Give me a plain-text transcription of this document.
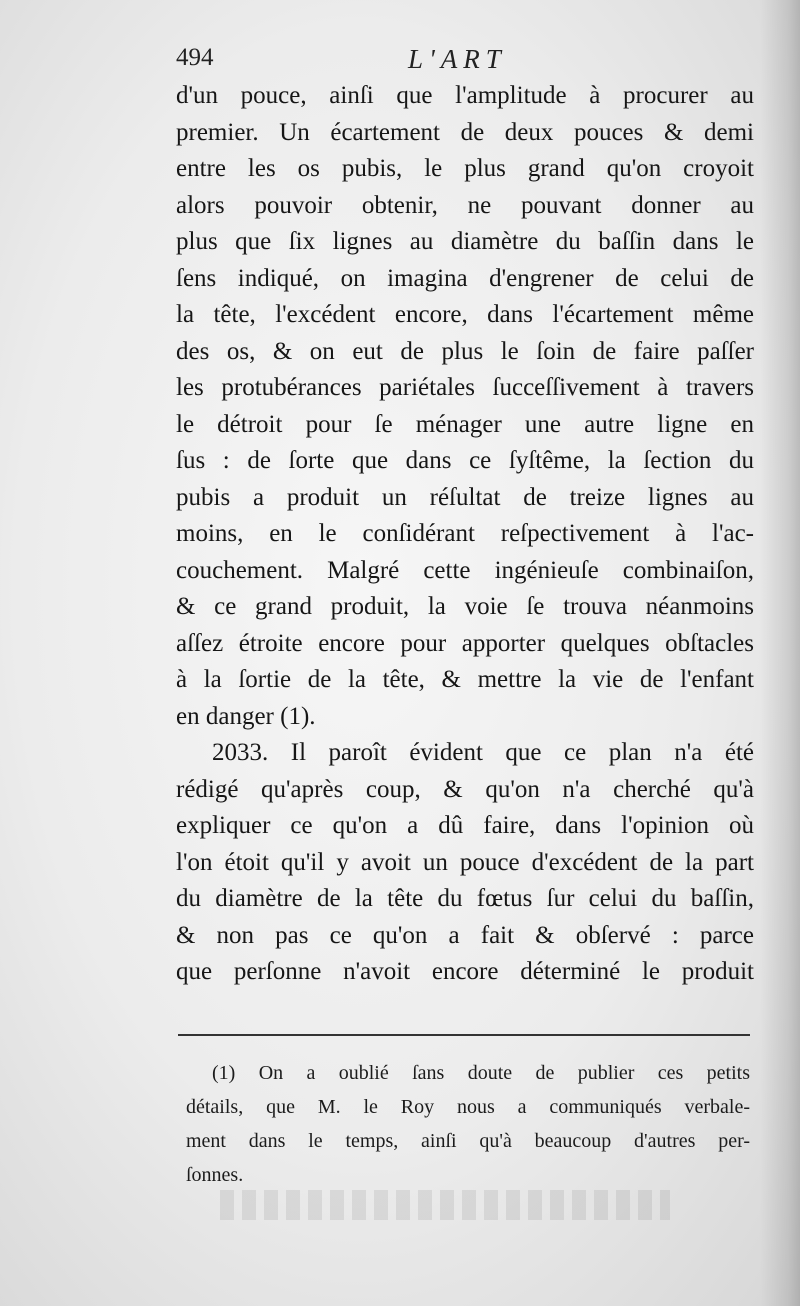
494	L'ART
d'un pouce, ainſi que l'amplitude à procurer au
premier. Un écartement de deux pouces & demi
entre les os pubis, le plus grand qu'on croyoit
alors pouvoir obtenir, ne pouvant donner au
plus que ſix lignes au diamètre du baſſin dans le
ſens indiqué, on imagina d'engrener de celui de
la tête, l'excédent encore, dans l'écartement même
des os, & on eut de plus le ſoin de faire paſſer
les protubérances pariétales ſucceſſivement à travers
le détroit pour ſe ménager une autre ligne en
ſus : de ſorte que dans ce ſyſtême, la ſection du
pubis a produit un réſultat de treize lignes au
moins, en le conſidérant reſpectivement à l'ac-
couchement. Malgré cette ingénieuſe combinaiſon,
& ce grand produit, la voie ſe trouva néanmoins
aſſez étroite encore pour apporter quelques obſtacles
à la ſortie de la tête, & mettre la vie de l'enfant
en danger (1).
2033. Il paroît évident que ce plan n'a été
rédigé qu'après coup, & qu'on n'a cherché qu'à
expliquer ce qu'on a dû faire, dans l'opinion où
l'on étoit qu'il y avoit un pouce d'excédent de la part
du diamètre de la tête du fœtus ſur celui du baſſin,
& non pas ce qu'on a fait & obſervé : parce
que perſonne n'avoit encore déterminé le produit
(1) On a oublié ſans doute de publier ces petits
détails, que M. le Roy nous a communiqués verbale-
ment dans le temps, ainſi qu'à beaucoup d'autres per-
ſonnes.
